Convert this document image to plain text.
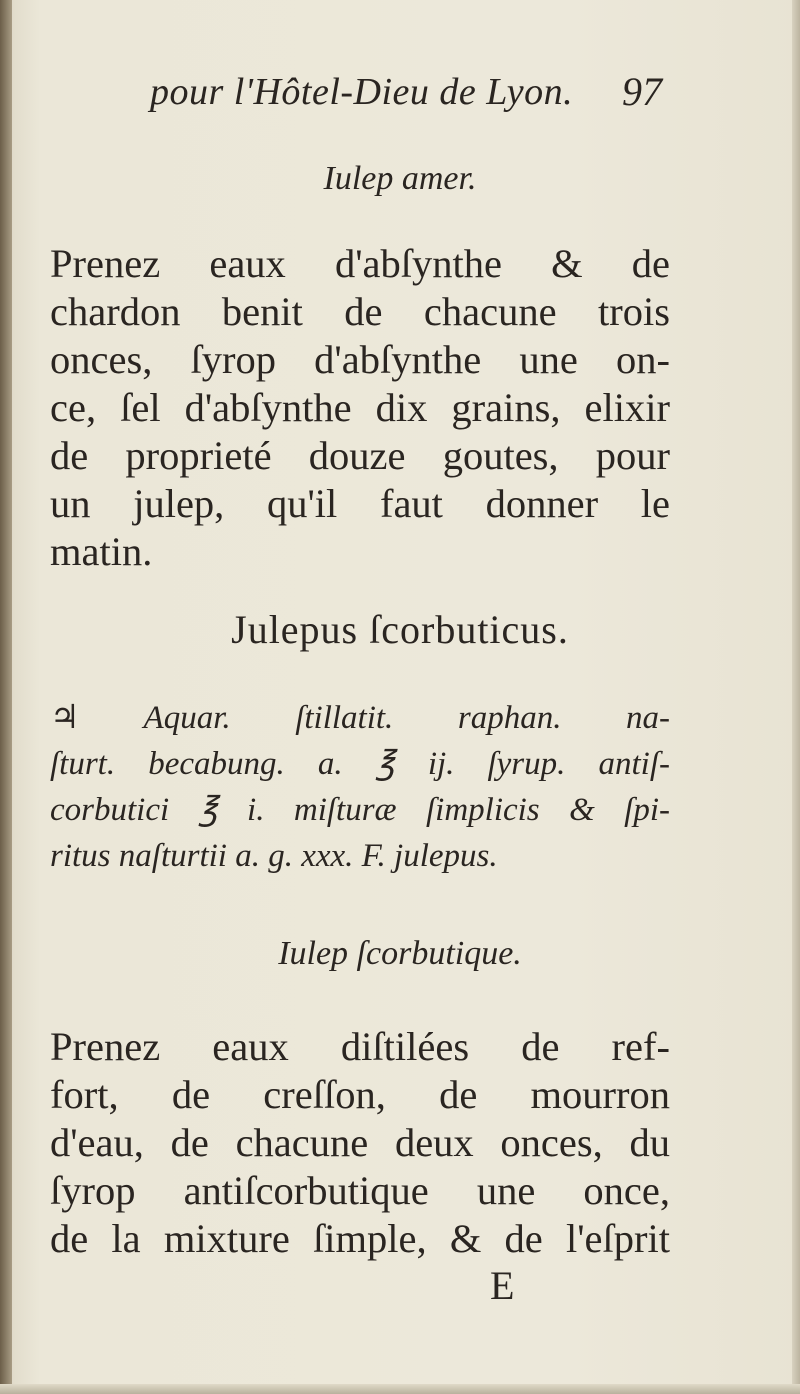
pour l'Hôtel-Dieu de Lyon. 97
Iulep amer.
Prenez eaux d'abſynthe & de
chardon benit de chacune trois
onces, ſyrop d'abſynthe une on-
ce, ſel d'abſynthe dix grains, elixir
de proprieté douze goutes, pour
un julep, qu'il faut donner le
matin.
Julepus ſcorbuticus.
♃ Aquar. ſtillatit. raphan. na-
ſturt. becabung. a. ℥ ij. ſyrup. antiſ-
corbutici ℥ i. miſturæ ſimplicis & ſpi-
ritus naſturtii a. g. xxx. F. julepus.
Iulep ſcorbutique.
Prenez eaux diſtilées de ref-
fort, de creſſon, de mourron
d'eau, de chacune deux onces, du
ſyrop antiſcorbutique une once,
de la mixture ſimple, & de l'eſprit
E
